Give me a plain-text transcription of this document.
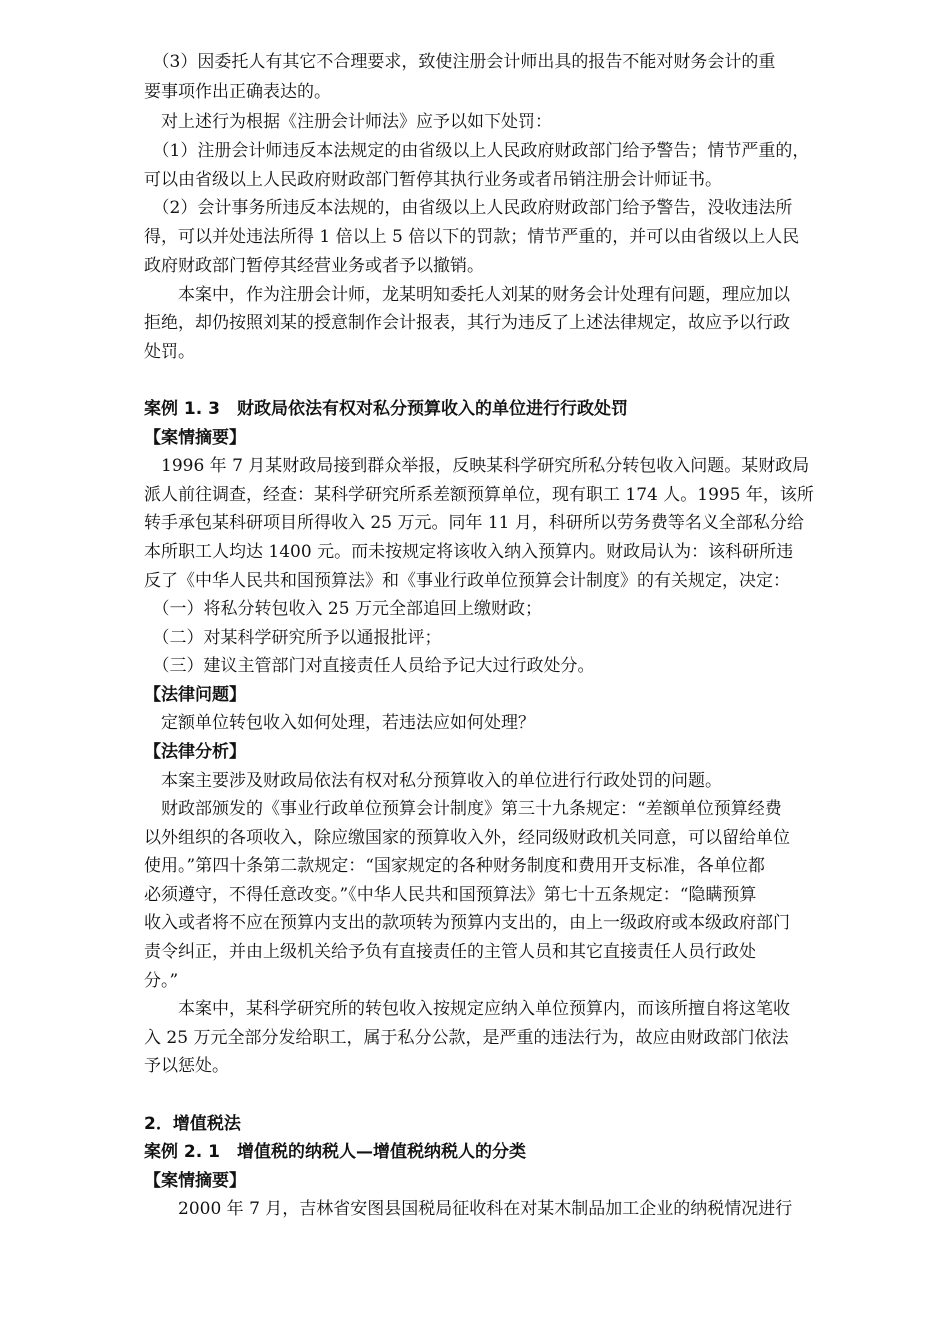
　（3）因委托人有其它不合理要求，致使注册会计师出具的报告不能对财务会计的重
要事项作出正确表达的。
　对上述行为根据《注册会计师法》应予以如下处罚：
　（1）注册会计师违反本法规定的由省级以上人民政府财政部门给予警告；情节严重的，
可以由省级以上人民政府财政部门暂停其执行业务或者吊销注册会计师证书。
　（2）会计事务所违反本法规的，由省级以上人民政府财政部门给予警告，没收违法所
得，可以并处违法所得 1 倍以上 5 倍以下的罚款；情节严重的，并可以由省级以上人民
政府财政部门暂停其经营业务或者予以撤销。
　　本案中，作为注册会计师，龙某明知委托人刘某的财务会计处理有问题，理应加以
拒绝，却仍按照刘某的授意制作会计报表，其行为违反了上述法律规定，故应予以行政
处罚。
案例 1. 3　财政局依法有权对私分预算收入的单位进行行政处罚
【案情摘要】
　1996 年 7 月某财政局接到群众举报，反映某科学研究所私分转包收入问题。某财政局
派人前往调查，经查：某科学研究所系差额预算单位，现有职工 174 人。1995 年，该所
转手承包某科研项目所得收入 25 万元。同年 11 月，科研所以劳务费等名义全部私分给
本所职工人均达 1400 元。而未按规定将该收入纳入预算内。财政局认为：该科研所违
反了《中华人民共和国预算法》和《事业行政单位预算会计制度》的有关规定，决定：
　（一）将私分转包收入 25 万元全部追回上缴财政；
　（二）对某科学研究所予以通报批评；
　（三）建议主管部门对直接责任人员给予记大过行政处分。
【法律问题】
　定额单位转包收入如何处理，若违法应如何处理？
【法律分析】
　本案主要涉及财政局依法有权对私分预算收入的单位进行行政处罚的问题。
　财政部颁发的《事业行政单位预算会计制度》第三十九条规定：“差额单位预算经费
以外组织的各项收入，除应缴国家的预算收入外，经同级财政机关同意，可以留给单位
使用。”第四十条第二款规定：“国家规定的各种财务制度和费用开支标准，各单位都
必须遵守，不得任意改变。”《中华人民共和国预算法》第七十五条规定：“隐瞒预算
收入或者将不应在预算内支出的款项转为预算内支出的，由上一级政府或本级政府部门
责令纠正，并由上级机关给予负有直接责任的主管人员和其它直接责任人员行政处
分。”
　　本案中，某科学研究所的转包收入按规定应纳入单位预算内，而该所擅自将这笔收
入 25 万元全部分发给职工，属于私分公款，是严重的违法行为，故应由财政部门依法
予以惩处。
2．增值税法
案例 2. 1　增值税的纳税人—增值税纳税人的分类
【案情摘要】
　　2000 年 7 月，吉林省安图县国税局征收科在对某木制品加工企业的纳税情况进行
